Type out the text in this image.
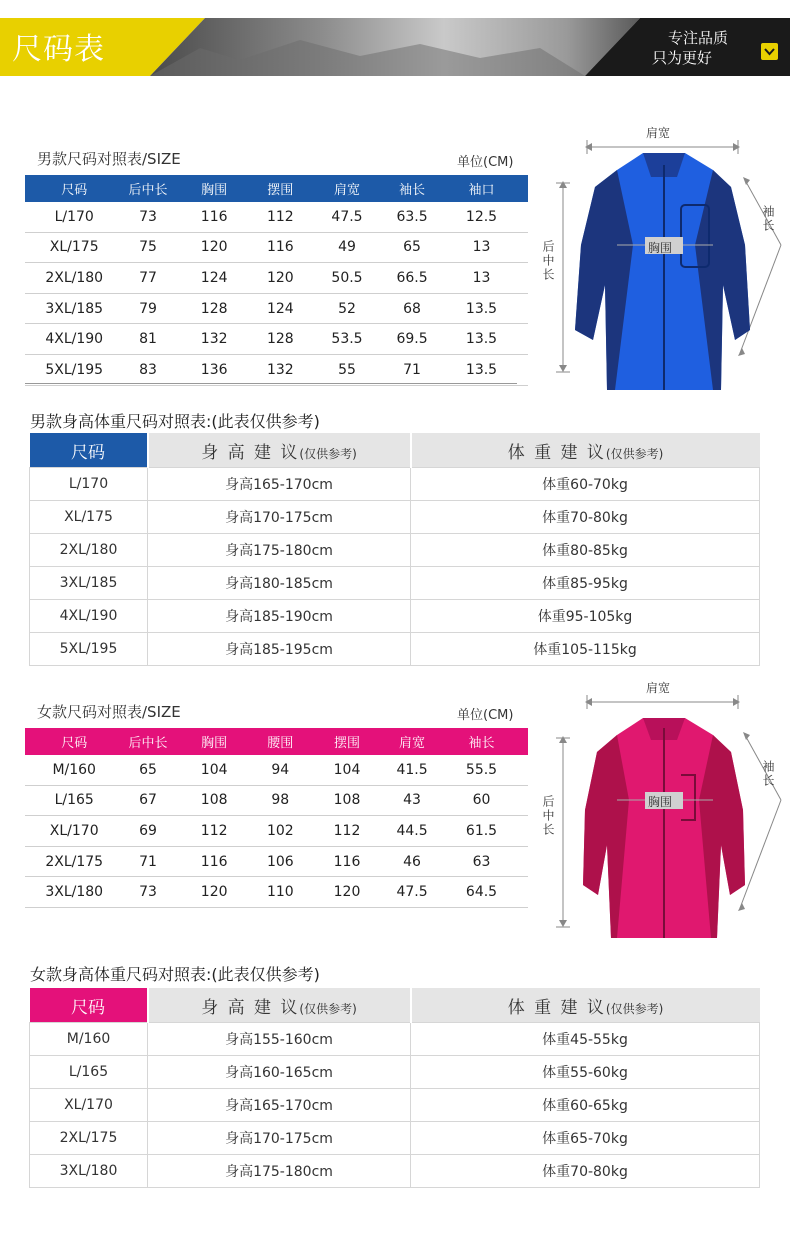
尺码表	专注品质
只为更好
男款尺码对照表/SIZE	单位(CM)
尺码	后中长	胸围	摆围	肩宽	袖长	袖口
L/170	73	116	112	47.5	63.5	12.5
XL/175	75	120	116	49	65	13
2XL/180	77	124	120	50.5	66.5	13
3XL/185	79	128	124	52	68	13.5
4XL/190	81	132	128	53.5	69.5	13.5
5XL/195	83	136	132	55	71	13.5
肩宽
后中长
袖长
胸围
男款身高体重尺码对照表:(此表仅供参考)
尺码	身 高 建 议(仅供参考)	体 重 建 议(仅供参考)
L/170	身高165-170cm	体重60-70kg
XL/175	身高170-175cm	体重70-80kg
2XL/180	身高175-180cm	体重80-85kg
3XL/185	身高180-185cm	体重85-95kg
4XL/190	身高185-190cm	体重95-105kg
5XL/195	身高185-195cm	体重105-115kg
女款尺码对照表/SIZE	单位(CM)
尺码	后中长	胸围	腰围	摆围	肩宽	袖长
M/160	65	104	94	104	41.5	55.5
L/165	67	108	98	108	43	60
XL/170	69	112	102	112	44.5	61.5
2XL/175	71	116	106	116	46	63
3XL/180	73	120	110	120	47.5	64.5
肩宽
后中长
袖长
胸围
女款身高体重尺码对照表:(此表仅供参考)
尺码	身 高 建 议(仅供参考)	体 重 建 议(仅供参考)
M/160	身高155-160cm	体重45-55kg
L/165	身高160-165cm	体重55-60kg
XL/170	身高165-170cm	体重60-65kg
2XL/175	身高170-175cm	体重65-70kg
3XL/180	身高175-180cm	体重70-80kg
